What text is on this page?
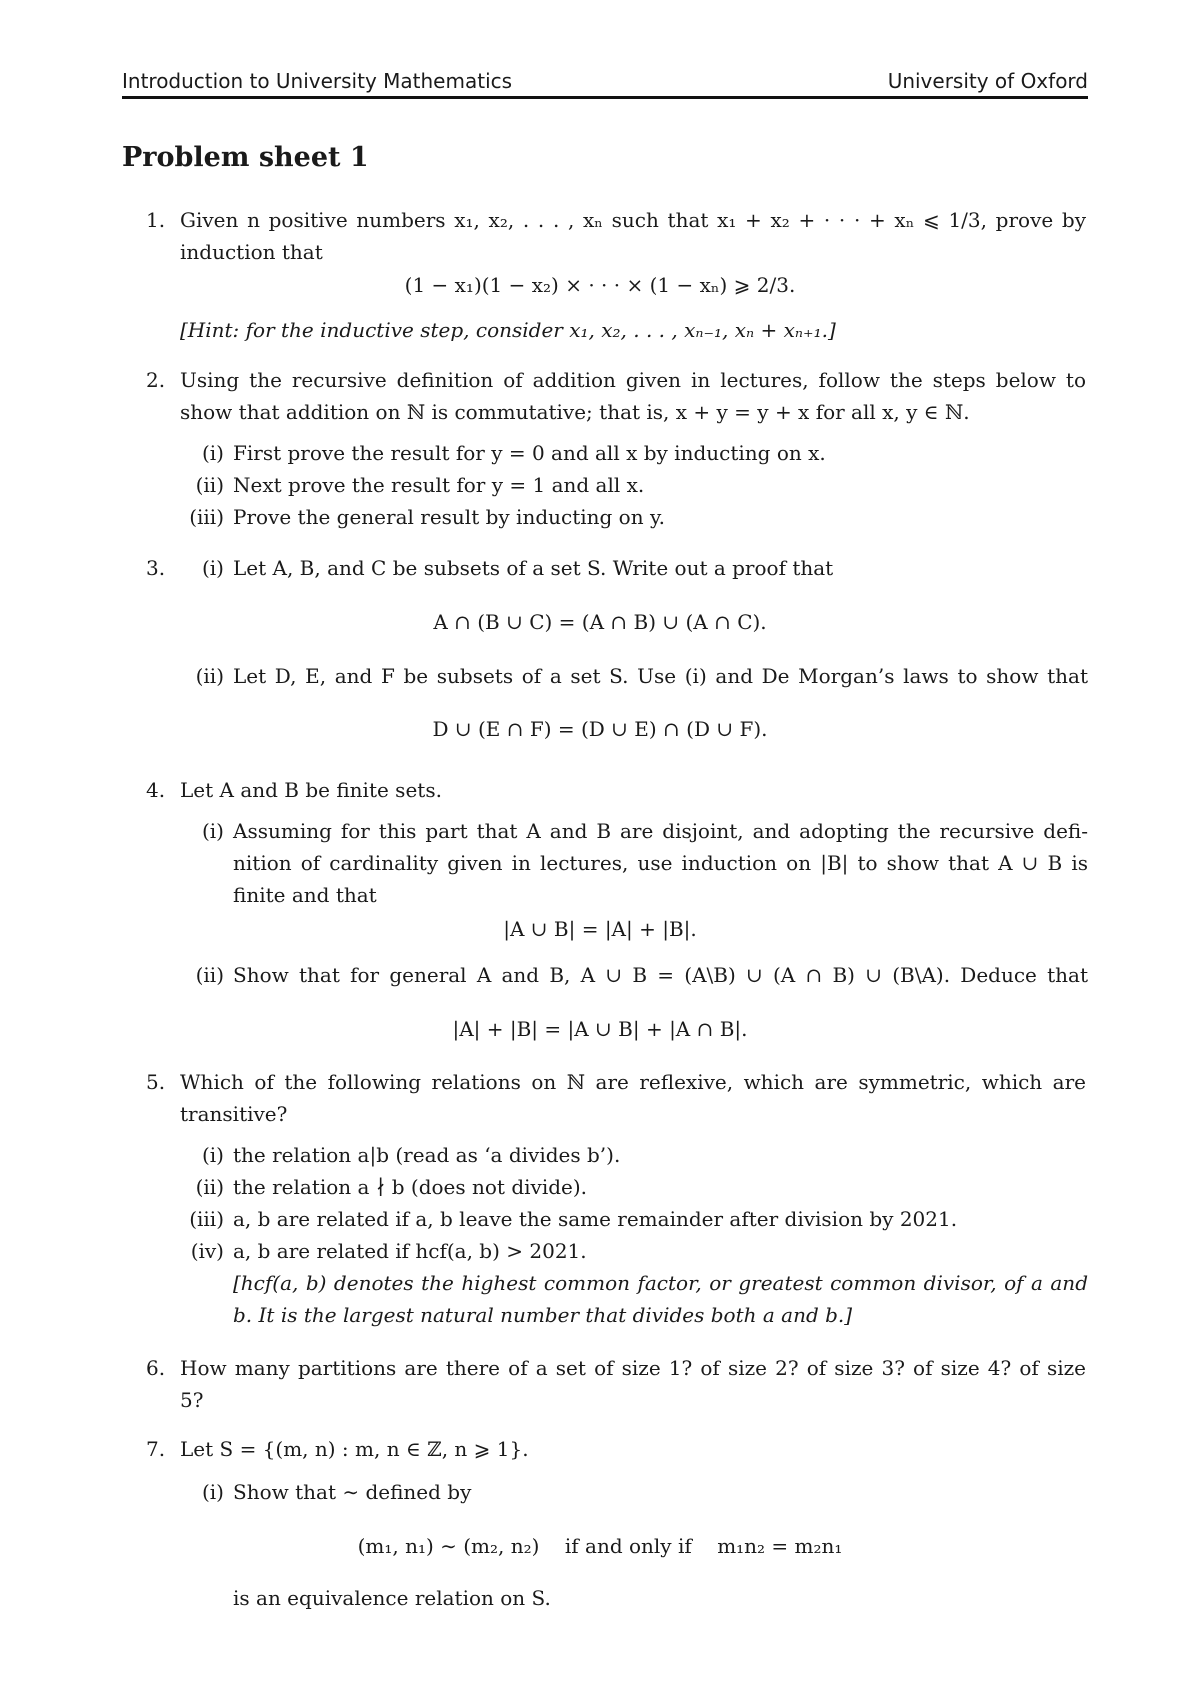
Introduction to University Mathematics	University of Oxford
Problem sheet 1
1. Given n positive numbers x₁, x₂, . . . , xₙ such that x₁ + x₂ + · · · + xₙ ⩽ 1/3, prove by
induction that
(1 − x₁)(1 − x₂) × · · · × (1 − xₙ) ⩾ 2/3.
[Hint: for the inductive step, consider x₁, x₂, . . . , xₙ₋₁, xₙ + xₙ₊₁.]
2. Using the recursive definition of addition given in lectures, follow the steps below to
show that addition on ℕ is commutative; that is, x + y = y + x for all x, y ∈ ℕ.
(i) First prove the result for y = 0 and all x by inducting on x.
(ii) Next prove the result for y = 1 and all x.
(iii) Prove the general result by inducting on y.
3.	(i) Let A, B, and C be subsets of a set S. Write out a proof that
A ∩ (B ∪ C) = (A ∩ B) ∪ (A ∩ C).
(ii) Let D, E, and F be subsets of a set S. Use (i) and De Morgan’s laws to show that
D ∪ (E ∩ F) = (D ∪ E) ∩ (D ∪ F).
4. Let A and B be finite sets.
(i) Assuming for this part that A and B are disjoint, and adopting the recursive defi-
nition of cardinality given in lectures, use induction on |B| to show that A ∪ B is
finite and that
|A ∪ B| = |A| + |B|.
(ii) Show that for general A and B, A ∪ B = (A\B) ∪ (A ∩ B) ∪ (B\A). Deduce that
|A| + |B| = |A ∪ B| + |A ∩ B|.
5. Which of the following relations on ℕ are reflexive, which are symmetric, which are
transitive?
(i) the relation a|b (read as ‘a divides b’).
(ii) the relation a ∤ b (does not divide).
(iii) a, b are related if a, b leave the same remainder after division by 2021.
(iv) a, b are related if hcf(a, b) > 2021.
[hcf(a, b) denotes the highest common factor, or greatest common divisor, of a and
b. It is the largest natural number that divides both a and b.]
6. How many partitions are there of a set of size 1? of size 2? of size 3? of size 4? of size
5?
7. Let S = {(m, n) : m, n ∈ ℤ, n ⩾ 1}.
(i) Show that ∼ defined by
(m₁, n₁) ∼ (m₂, n₂)    if and only if    m₁n₂ = m₂n₁
is an equivalence relation on S.
